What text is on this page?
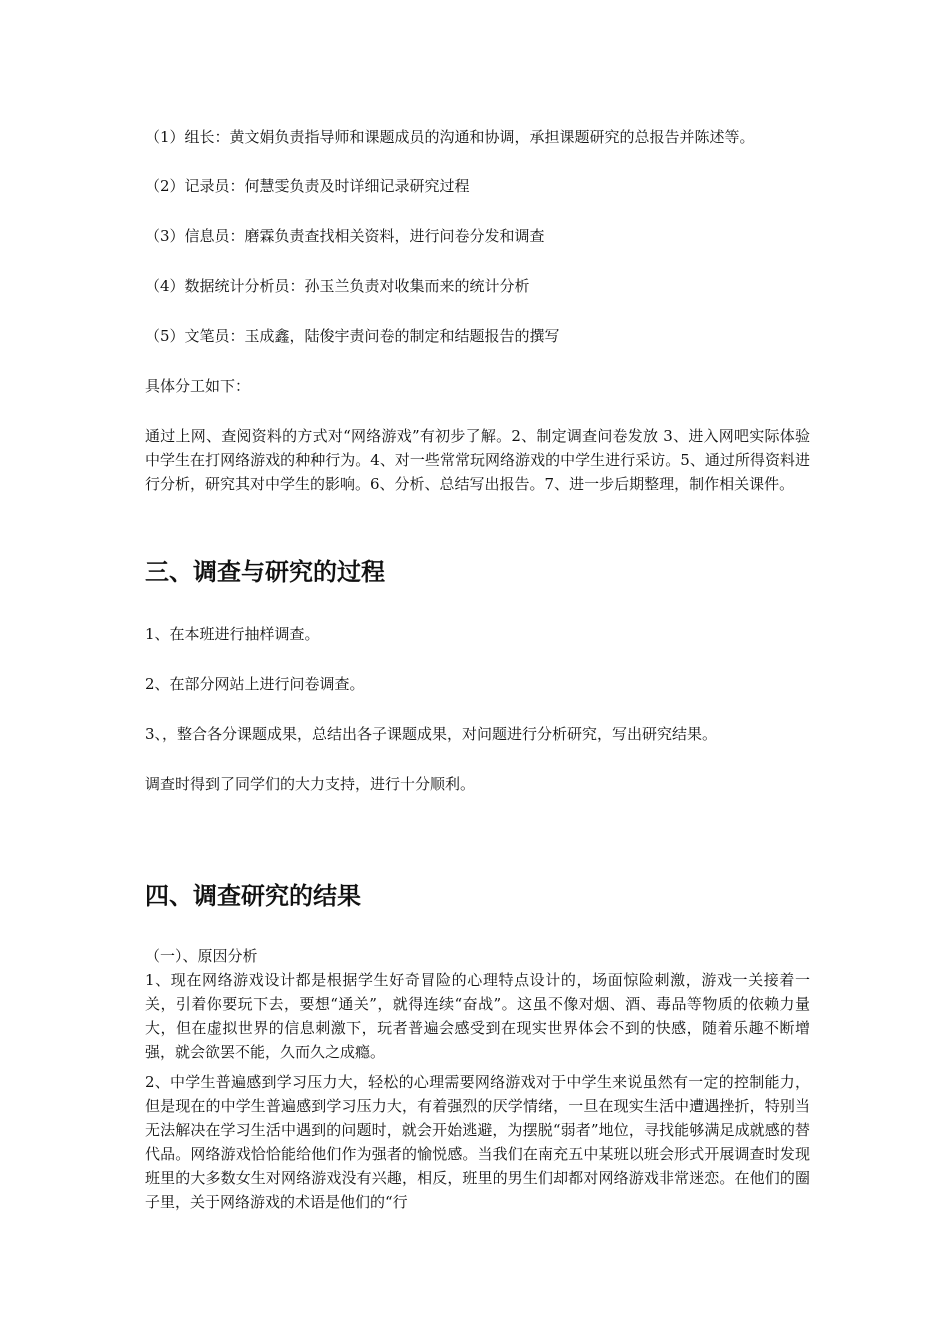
（1）组长：黄文娟负责指导师和课题成员的沟通和协调，承担课题研究的总报告并陈述等。
（2）记录员：何慧雯负责及时详细记录研究过程
（3）信息员：磨霖负责查找相关资料，进行问卷分发和调查
（4）数据统计分析员：孙玉兰负责对收集而来的统计分析
（5）文笔员：玉成鑫，陆俊宇责问卷的制定和结题报告的撰写
具体分工如下：
通过上网、查阅资料的方式对“网络游戏”有初步了解。2、制定调查问卷发放 3、进入网吧实际体验中学生在打网络游戏的种种行为。4、对一些常常玩网络游戏的中学生进行采访。5、通过所得资料进行分析，研究其对中学生的影响。6、分析、总结写出报告。7、进一步后期整理，制作相关课件。
三、调查与研究的过程
1、在本班进行抽样调查。
2、在部分网站上进行问卷调查。
3、，整合各分课题成果，总结出各子课题成果，对问题进行分析研究，写出研究结果。
调查时得到了同学们的大力支持，进行十分顺利。
四、调查研究的结果
（一）、原因分析
1、现在网络游戏设计都是根据学生好奇冒险的心理特点设计的，场面惊险刺激，游戏一关接着一关，引着你要玩下去，要想“通关”，就得连续“奋战”。这虽不像对烟、酒、毒品等物质的依赖力量大，但在虚拟世界的信息刺激下，玩者普遍会感受到在现实世界体会不到的快感，随着乐趣不断增强，就会欲罢不能，久而久之成瘾。
2、中学生普遍感到学习压力大，轻松的心理需要网络游戏对于中学生来说虽然有一定的控制能力，但是现在的中学生普遍感到学习压力大，有着强烈的厌学情绪，一旦在现实生活中遭遇挫折，特别当无法解决在学习生活中遇到的问题时，就会开始逃避，为摆脱“弱者”地位，寻找能够满足成就感的替代品。网络游戏恰恰能给他们作为强者的愉悦感。当我们在南充五中某班以班会形式开展调查时发现班里的大多数女生对网络游戏没有兴趣，相反，班里的男生们却都对网络游戏非常迷恋。在他们的圈子里，关于网络游戏的术语是他们的“行
